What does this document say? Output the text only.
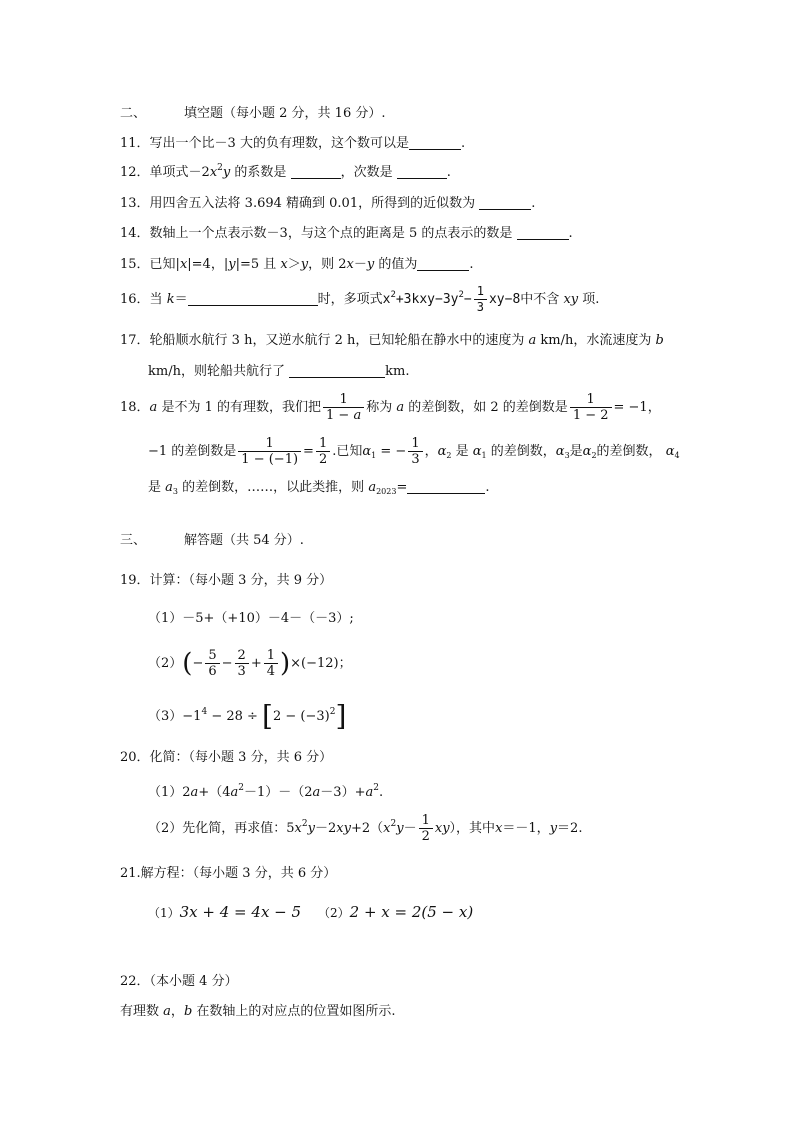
二、	填空题（每小题 2 分，共 16 分）.
11．写出一个比－3 大的负有理数，这个数可以是	.
12．单项式$-2x^2y$ 的系数是	，次数是	.
13．用四舍五入法将 3.694 精确到 0.01，所得到的近似数为	.
14．数轴上一个点表示数－3，与这个点的距离是 5 的点表示的数是	.
15．已知|x|=4，|y|=5 且 x＞y，则 2x－y 的值为	.
16．当 k＝	时，多项式$x^2+3kxy-3y^2- \frac{1}{3} xy-8$中不含 xy 项.
17．轮船顺水航行 3 h，又逆水航行 2 h，已知轮船在静水中的速度为 a km/h，水流速度为 b
km/h，则轮船共航行了	km.
18．a 是不为 1 的有理数，我们把 $\frac{1}{1 - a}$ 称为 a 的差倒数，如 2 的差倒数是 $\frac{1}{1 - 2} = -1$，
−1 的差倒数是 $\frac{1}{1 - (-1)} = \frac{1}{2}$ .已知$\alpha_1$ = − $\frac{1}{3}$ ，$\alpha_2$ 是 $\alpha_1$ 的差倒数，$\alpha_3$是$\alpha_2$的差倒数， $\alpha_4$
是 $a_3$ 的差倒数，……，以此类推，则 $a_{2023}=$	.
三、	解答题（共 54 分）.
19．计算：（每小题 3 分，共 9 分）
（1）－5+（+10）－4－（－3）;
$(2)(- \frac{5}{6} - \frac{2}{3} + \frac{1}{4} )\times(-12)$；
$(3)-1^4 - 28 \div [2 - (-3)^2]$
20．化简：（每小题 3 分，共 6 分）
$(1)2a+(4a^2-1)-(2a-3)+a^2$.
（2）先化简，再求值：$5x^2y-2xy+2(x^2y- \frac{1}{2} xy)$，其中x＝－1，y＝2.
21.解方程：（每小题 3 分，共 6 分）
（1）3x + 4 = 4x − 5 （2）2 + x = 2(5 − x)
22．（本小题 4 分）
有理数 a，b 在数轴上的对应点的位置如图所示.
